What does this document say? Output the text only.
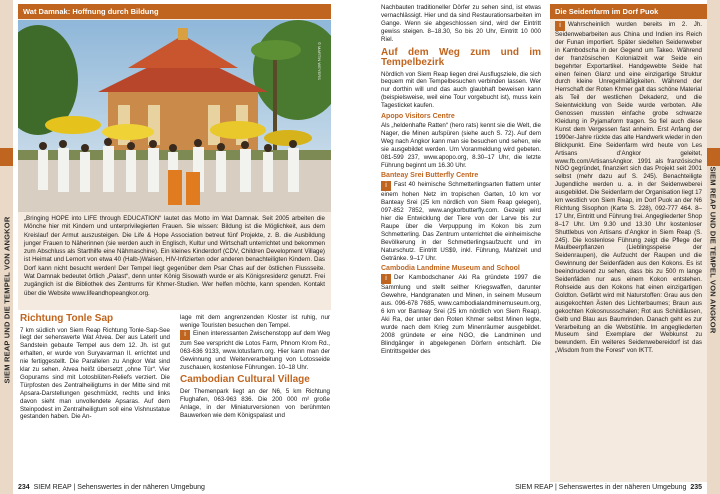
SIEM REAP UND DIE TEMPEL VON ANGKOR
Wat Damnak: Hoffnung durch Bildung
„Bringing HOPE into LIFE through EDUCATION“ lautet das Motto im Wat Damnak. Seit 2005 arbeiten die Mönche hier mit Kindern und unterprivilegierten Frauen. Sie wissen: Bildung ist die Möglichkeit, aus dem Kreislauf der Armut auszusteigen. Die Life & Hope Association betreut fünf Projekte, z. B. die Ausbildung junger Frauen to Näherinnen (sie werden auch in Englisch, Kultur und Wirtschaft unterrichtet und bekommen zum Abschluss als Starthilfe eine Nähmaschine). Ein kleines Kinderdorf (CDV, Children Development Village) ist Heimat und Lernort von etwa 40 (Halb-)Waisen, HIV-Infizierten oder anderen benachteiligten Kindern. Das Dorf kann nicht besucht werden! Der Tempel liegt gegenüber dem Psar Chas auf der östlichen Flussseite. Wat Damnak bedeutet örtlich „Palast“, denn unter König Sisowath wurde er als Königsresidenz genutzt. Frei zugänglich ist die Bibliothek des Zentrums für Khmer-Studien. Wer helfen möchte, kann spenden. Kontakt über die Website www.lifeandhopeangkor.org.
© MARTIN WEYERS
Richtung Tonle Sap

7 km südlich von Siem Reap Richtung Tonle-Sap-See liegt der sehenswerte Wat Atvea. Der aus Laterit und Sandstein gebaute Tempel aus dem 12. Jh. ist gut erhalten, er wurde von Suryavarman II. errichtet und nie fertiggestellt. Die Parallelen zu Angkor Wat sind klar zu sehen. Atvea heißt übersetzt „ohne Tür“. Vier Gopurams sind mit Lotosblüten-Reliefs verziert. Die Türpfosten des Zentralheiligtums in der Mitte sind mit Apsara-Darstellungen geschmückt, rechts und links davon sieht man unvollendete Apsaras. Auf dem Steinpodest im Zentralheiligtum soll eine Vishnustatue gestanden haben. Die An-

lage mit dem angrenzenden Kloster ist ruhig, nur wenige Touristen besuchen den Tempel.

i Einen interessanten Zwischenstopp auf dem Weg zum See verspricht die Lotos Farm, Phnom Krom Rd., 063-636 9133, www.lotusfarm.org. Hier kann man der Gewinnung und Weiterverarbeitung von Lotosseide zuschauen, kostenlose Führungen. 10–18 Uhr.

Cambodian Cultural Village

Der Themenpark liegt an der N6, 5 km Richtung Flughafen, 063-963 836. Die 200 000 m² große Anlage, in der Miniaturversionen von berühmten Bauwerken wie dem Königspalast und

234 SIEM REAP | Sehenswertes in der näheren Umgebung
SIEM REAP UND DIE TEMPEL VON ANGKOR

Nachbauten traditioneller Dörfer zu sehen sind, ist etwas vernachlässigt. Hier und da sind Restaurationsarbeiten im Gange. Wenn sie abgeschlossen sind, wird der Eintritt gewiss steigen. 8–18.30, So bis 20 Uhr, Eintritt 10 000 Riel.

Auf dem Weg zum und im Tempelbezirk

Nördlich von Siem Reap liegen drei Ausflugsziele, die sich bequem mit den Tempelbesuchen verbinden lassen. Wer nur dorthin will und das auch glaubhaft beweisen kann (beispielsweise, weil eine Tour vorgebucht ist), muss kein Tagesticket kaufen.

Apopo Visitors Centre

Als „heldenhafte Ratten“ (hero rats) kennt sie die Welt, die Nager, die Minen aufspüren (siehe auch S. 72). Auf dem Weg nach Angkor kann man sie besuchen und sehen, wie sie ausgebildet werden. Um Voranmeldung wird gebeten. 081-599 237, www.apopo.org, 8.30–17 Uhr, die letzte Führung beginnt um 16.30 Uhr.

Banteay Srei Butterfly Centre

i Fast 40 heimische Schmetterlingsarten flattern unter einem hohen Netz im tropischen Garten, 10 km vor Banteay Srei (25 km nördlich von Siem Reap gelegen), 097-852 7852, www.angkorbutterfly.com. Gezeigt wird hier die Entwicklung der Tiere von der Larve bis zur Raupe über die Verpuppung im Kokon bis zum Schmetterling. Das Zentrum unterrichtet die einheimische Bevölkerung in der Schmetterlingsaufzucht und im Naturschutz. Eintritt US$9, inkl. Führung, Mahlzeit und Getränke. 9–17 Uhr.

Cambodia Landmine Museum and School

i Der Kambodschaner Aki Ra gründete 1997 die Sammlung und stellt seither Kriegswaffen, darunter Gewehre, Handgranaten und Minen, in seinem Museum aus. 096-678 7685, www.cambodialandminemuseum.org, 6 km vor Banteay Srei (25 km nördlich von Siem Reap). Aki Ra, der unter den Roten Khmer selbst Minen legte, wurde nach dem Krieg zum Minenräumer ausgebildet. 2008 gründete er eine NGO, die Landminen und Blindgänger in abgelegenen Dörfern entschärft. Die Eintrittsgelder des

Die Seidenfarm im Dorf Puok
i Wahrscheinlich wurden bereits im 2. Jh. Seidenwebarbeiten aus China und Indien ins Reich der Funan importiert. Später siedelten Seidenweber in Kambodscha in der Gegend um Takeo. Während der französischen Kolonialzeit war Seide ein begehrter Exportartikel. Handgewebte Seide hat einen feinen Glanz und eine einzigartige Struktur durch kleine Unregelmäßigkeiten. Während der Herrschaft der Roten Khmer galt das schöne Material als Teil der westlichen Dekadenz, und die Seientwicklung von Seide wurde verboten. Alle Genossen mussten einfache grobe schwarze Kleidung in Pyjamaform tragen. So fiel auch diese Kunst dem Vergessen fast anheim. Erst Anfang der 1990er-Jahre rückte das alte Handwerk wieder in den Blickpunkt. Eine Seidenfarm wird heute von Les Artisans d’Angkor geleitet, www.fb.com/ArtisansAngkor. 1991 als französische NGO gegründet, finanziert sich das Projekt seit 2001 selbst (mehr dazu auf S. 245). Benachteiligte Jugendliche werden u. a. in der Seidenweberei ausgebildet. Die Seidenfarm der Organisation liegt 17 km westlich von Siem Reap, im Dorf Puok an der N6 Richtung Sisophon (Karte S. 228), 092-777 464. 8–17 Uhr, Eintritt und Führung frei. Angegliederter Shop 8–17 Uhr. Um 9.30 und 13.30 Uhr kostenloser Shuttlebus von Artisans d’Angkor in Siem Reap (S. 245). Die kostenlose Führung zeigt die Pflege der Maulbeerpflanzen (Lieblingsspeise der Seidenraupen), die Aufzucht der Raupen und die Gewinnung der Seidenfäden aus den Kokons. Es ist beeindruckend zu sehen, dass bis zu 500 m lange Seidenfäden nur aus einem Kokon entstehen. Rohseide aus den Kokons hat einen einzigartigen Goldton. Gefärbt wird mit Naturstoffen: Grau aus den ausgekochten Ästen des Lichterbaumes; Braun aus gekochten Kokosnussschalen; Rot aus Schildläusen, Gelb und Blau aus Baumrinden. Danach geht es zur Verarbeitung an die Webstühle. Im angegliederten Museum sind Exemplare der Webkunst zu bewundern. Ein weiteres Seidenwebereidorf ist das „Wisdom from the Forest“ von IKTT.
SIEM REAP | Sehenswertes in der näheren Umgebung 235
